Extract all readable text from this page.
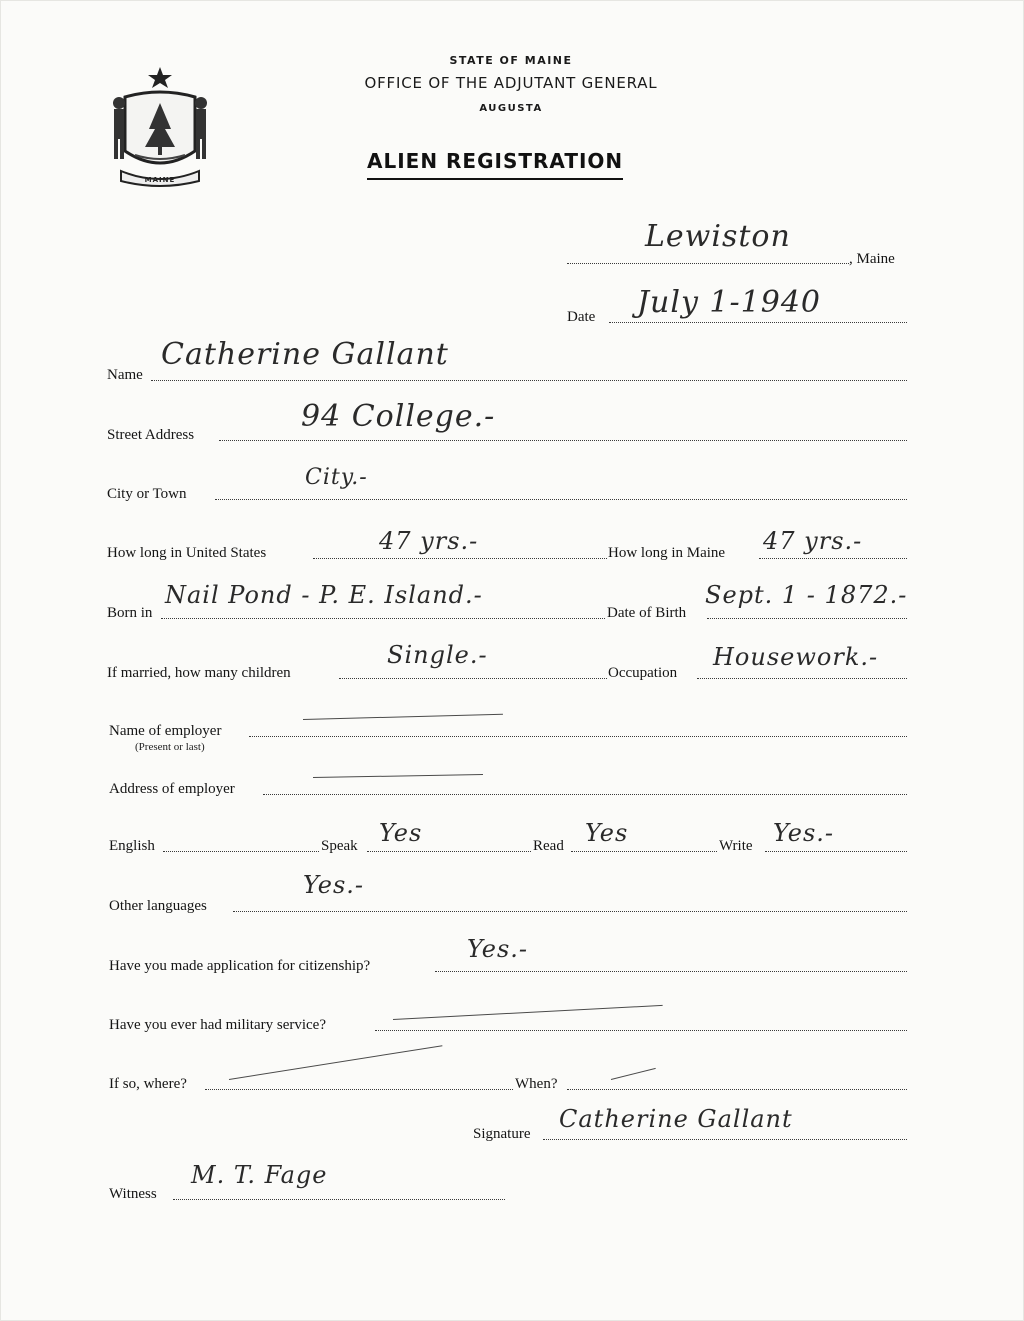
MAINE
STATE OF MAINE
OFFICE OF THE ADJUTANT GENERAL
AUGUSTA
ALIEN REGISTRATION
Lewiston
, Maine
Date July 1-1940
Name
Catherine Gallant
Street Address
94 College.-
City or Town
City.-
How long in United States	47 yrs.-	How long in Maine 47 yrs.-
Born in
Nail Pond - P. E. Island.-
Date of Birth
Sept. 1 - 1872.-
If married, how many children
Single.-
Occupation
Housework.-
Name of employer
(Present or last)
Address of employer
English	Speak Yes	Read Yes	Write Yes.-
Other languages
Yes.-
Have you made application for citizenship?
Yes.-
Have you ever had military service?
If so, where?	When?
Signature
Catherine Gallant
Witness
M. T. Fage
